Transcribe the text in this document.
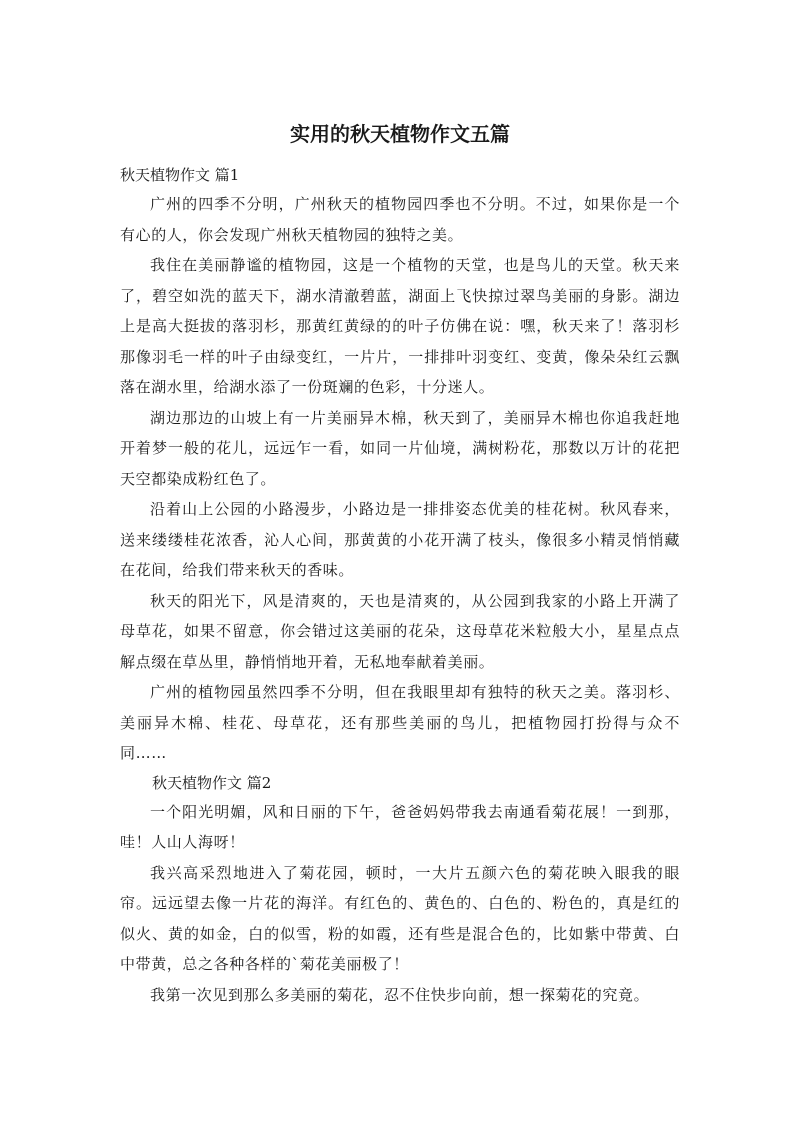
实用的秋天植物作文五篇

秋天植物作文 篇1

广州的四季不分明，广州秋天的植物园四季也不分明。不过，如果你是一个有心的人，你会发现广州秋天植物园的独特之美。

我住在美丽静谧的植物园，这是一个植物的天堂，也是鸟儿的天堂。秋天来了，碧空如洗的蓝天下，湖水清澈碧蓝，湖面上飞快掠过翠鸟美丽的身影。湖边上是高大挺拔的落羽杉，那黄红黄绿的的叶子仿佛在说：嘿，秋天来了！落羽杉那像羽毛一样的叶子由绿变红，一片片，一排排叶羽变红、变黄，像朵朵红云飘落在湖水里，给湖水添了一份斑斓的色彩，十分迷人。

湖边那边的山坡上有一片美丽异木棉，秋天到了，美丽异木棉也你追我赶地开着梦一般的花儿，远远乍一看，如同一片仙境，满树粉花，那数以万计的花把天空都染成粉红色了。

沿着山上公园的小路漫步，小路边是一排排姿态优美的桂花树。秋风春来，送来缕缕桂花浓香，沁人心间，那黄黄的小花开满了枝头，像很多小精灵悄悄藏在花间，给我们带来秋天的香味。

秋天的阳光下，风是清爽的，天也是清爽的，从公园到我家的小路上开满了母草花，如果不留意，你会错过这美丽的花朵，这母草花米粒般大小，星星点点解点缀在草丛里，静悄悄地开着，无私地奉献着美丽。

广州的植物园虽然四季不分明，但在我眼里却有独特的秋天之美。落羽杉、美丽异木棉、桂花、母草花，还有那些美丽的鸟儿，把植物园打扮得与众不同……

秋天植物作文 篇2

一个阳光明媚，风和日丽的下午，爸爸妈妈带我去南通看菊花展！一到那，哇！人山人海呀！

我兴高采烈地进入了菊花园，顿时，一大片五颜六色的菊花映入眼我的眼帘。远远望去像一片花的海洋。有红色的、黄色的、白色的、粉色的，真是红的似火、黄的如金，白的似雪，粉的如霞，还有些是混合色的，比如紫中带黄、白中带黄，总之各种各样的`菊花美丽极了！

我第一次见到那么多美丽的菊花，忍不住快步向前，想一探菊花的究竟。
